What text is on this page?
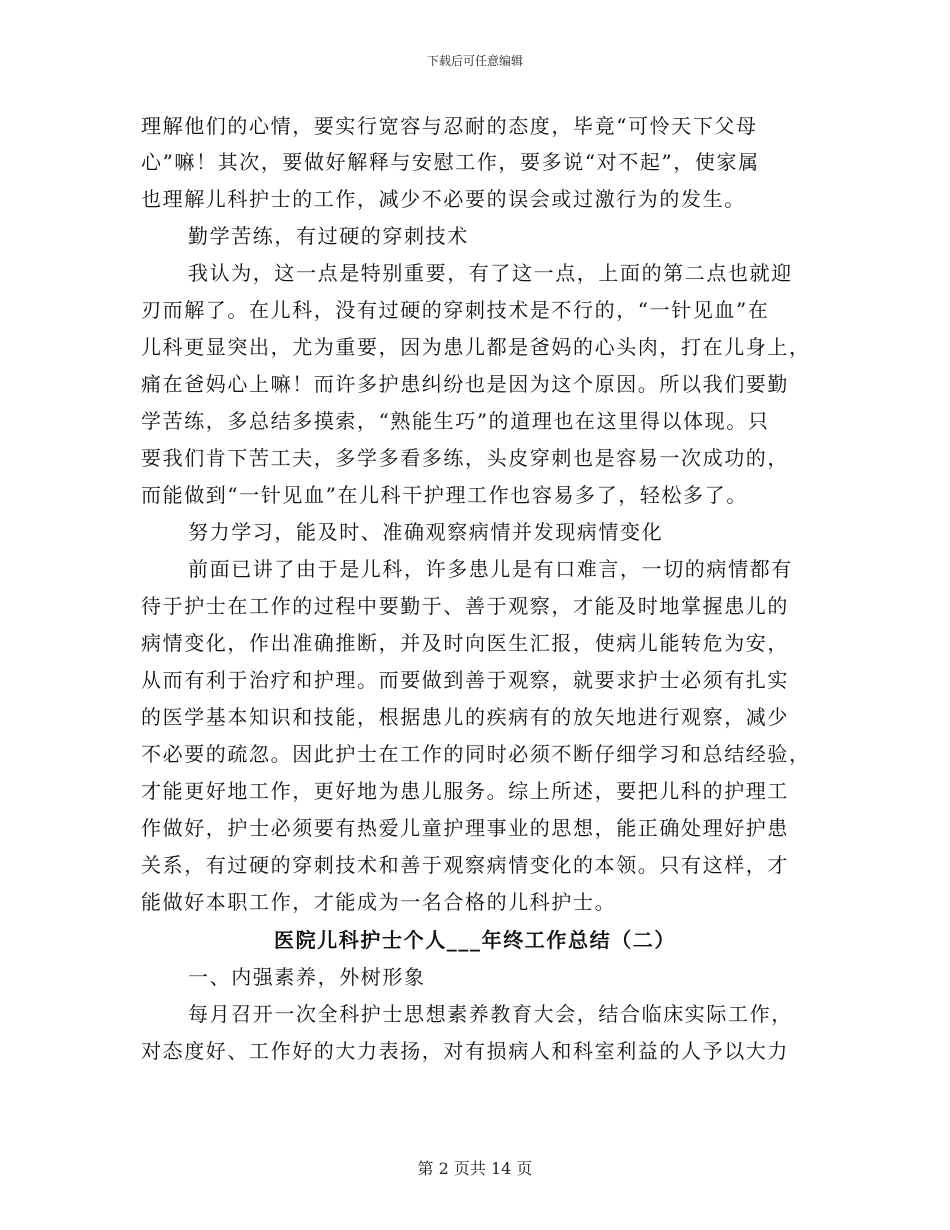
下载后可任意编辑
理解他们的心情，要实行宽容与忍耐的态度，毕竟“可怜天下父母
心”嘛！其次，要做好解释与安慰工作，要多说“对不起”，使家属
也理解儿科护士的工作，减少不必要的误会或过激行为的发生。
勤学苦练，有过硬的穿刺技术
我认为，这一点是特别重要，有了这一点，上面的第二点也就迎
刃而解了。在儿科，没有过硬的穿刺技术是不行的，“一针见血”在
儿科更显突出，尤为重要，因为患儿都是爸妈的心头肉，打在儿身上，
痛在爸妈心上嘛！而许多护患纠纷也是因为这个原因。所以我们要勤
学苦练，多总结多摸索，“熟能生巧”的道理也在这里得以体现。只
要我们肯下苦工夫，多学多看多练，头皮穿刺也是容易一次成功的，
而能做到“一针见血”在儿科干护理工作也容易多了，轻松多了。
努力学习，能及时、准确观察病情并发现病情变化
前面已讲了由于是儿科，许多患儿是有口难言，一切的病情都有
待于护士在工作的过程中要勤于、善于观察，才能及时地掌握患儿的
病情变化，作出准确推断，并及时向医生汇报，使病儿能转危为安，
从而有利于治疗和护理。而要做到善于观察，就要求护士必须有扎实
的医学基本知识和技能，根据患儿的疾病有的放矢地进行观察，减少
不必要的疏忽。因此护士在工作的同时必须不断仔细学习和总结经验，
才能更好地工作，更好地为患儿服务。综上所述，要把儿科的护理工
作做好，护士必须要有热爱儿童护理事业的思想，能正确处理好护患
关系，有过硬的穿刺技术和善于观察病情变化的本领。只有这样，才
能做好本职工作，才能成为一名合格的儿科护士。
医院儿科护士个人___年终工作总结（二）
一、内强素养，外树形象
每月召开一次全科护士思想素养教育大会，结合临床实际工作，
对态度好、工作好的大力表扬，对有损病人和科室利益的人予以大力
第 2 页共 14 页
